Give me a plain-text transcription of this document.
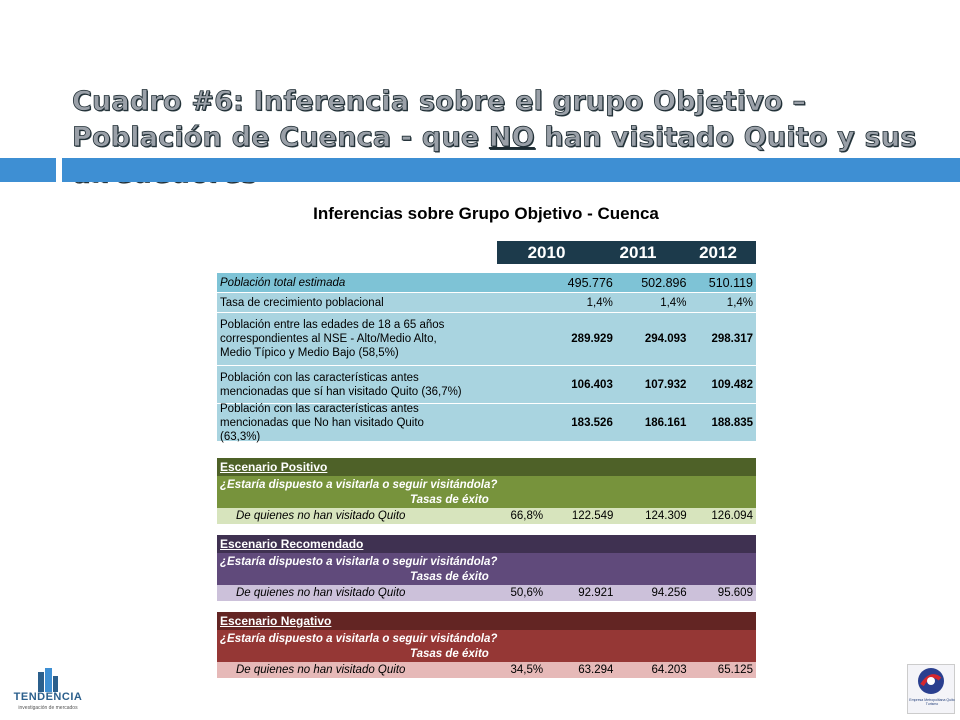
Cuadro #6: Inferencia sobre el grupo Objetivo – Población de Cuenca - que NO han visitado Quito y sus
Inferencias sobre Grupo Objetivo - Cuenca
2010	2011	2012
Población total estimada	495.776	502.896	510.119
Tasa de crecimiento poblacional	1,4%	1,4%	1,4%
Población entre las edades de 18 a 65 años correspondientes al NSE - Alto/Medio Alto, Medio Típico y Medio Bajo (58,5%)
289.929	294.093	298.317
Población con las características antes mencionadas que sí han visitado Quito (36,7%)
106.403	107.932	109.482
Población con las características antes mencionadas que No han visitado Quito (63,3%)
183.526	186.161	188.835
Escenario Positivo
¿Estaría dispuesto a visitarla o seguir visitándola?
Tasas de éxito
De quienes no han visitado Quito	66,8%	122.549	124.309	126.094
Escenario Recomendado
¿Estaría dispuesto a visitarla o seguir visitándola?
Tasas de éxito
De quienes no han visitado Quito	50,6%	92.921	94.256	95.609
Escenario Negativo
¿Estaría dispuesto a visitarla o seguir visitándola?
Tasas de éxito
De quienes no han visitado Quito	34,5%	63.294	64.203	65.125
TENDENCIA
investigación de mercados
Empresa Metropolitana Quito Turismo
